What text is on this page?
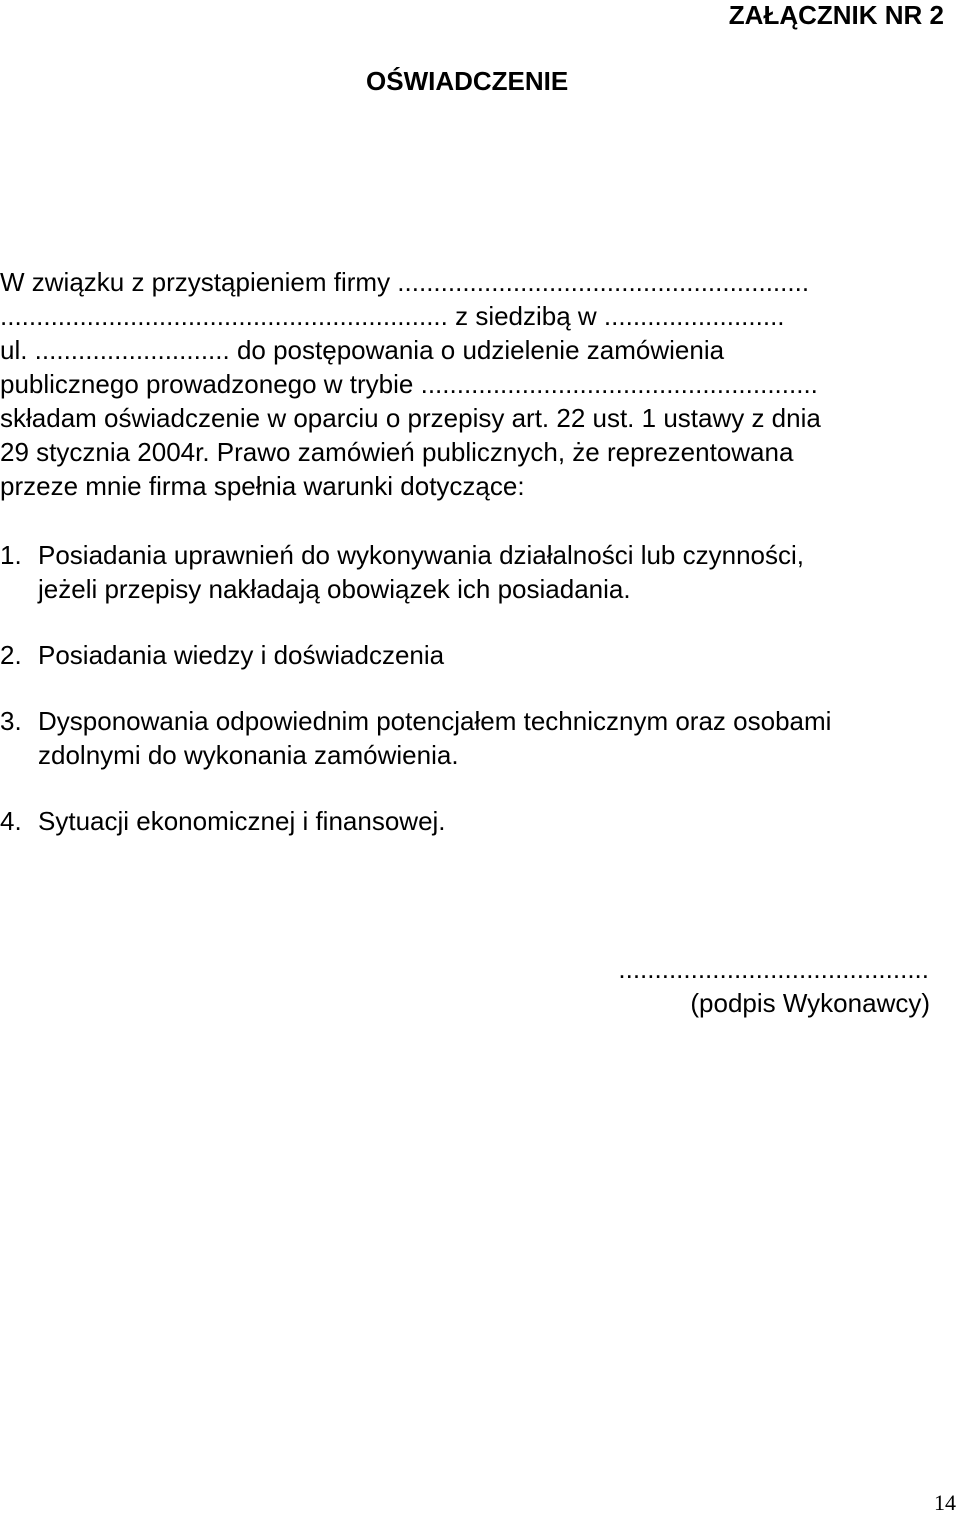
ZAŁĄCZNIK NR 2
OŚWIADCZENIE
W związku z przystąpieniem firmy .........................................................
.............................................................. z siedzibą w .........................
ul. ........................... do postępowania o udzielenie zamówienia
publicznego prowadzonego w trybie .......................................................
składam oświadczenie w oparciu o przepisy art. 22 ust. 1 ustawy z dnia
29 stycznia 2004r. Prawo zamówień publicznych, że reprezentowana
przeze mnie firma spełnia warunki dotyczące:
1. Posiadania uprawnień do wykonywania działalności lub czynności,
jeżeli przepisy nakładają obowiązek ich posiadania.
2. Posiadania wiedzy i doświadczenia
3. Dysponowania odpowiednim potencjałem technicznym oraz osobami
zdolnymi do wykonania zamówienia.
4. Sytuacji ekonomicznej i finansowej.
...........................................
(podpis Wykonawcy)
14
